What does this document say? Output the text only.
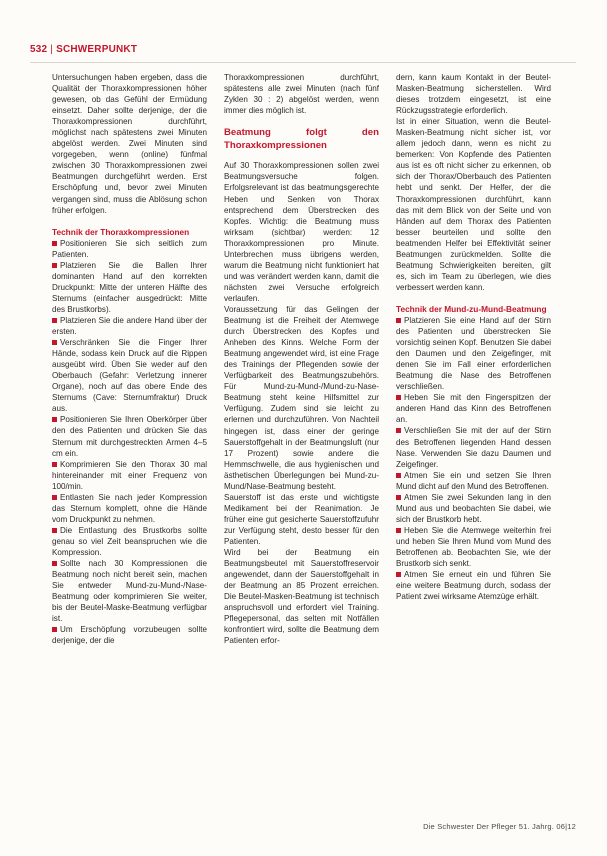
532 | SCHWERPUNKT

Untersuchungen haben ergeben, dass die Qualität der Thoraxkompressionen höher gewesen, ob das Gefühl der Ermüdung einsetzt. Daher sollte derjenige, der die Thoraxkompressionen durchführt, möglichst nach spätestens zwei Minuten abgelöst werden. Zwei Minuten sind vorgegeben, wenn (online) fünfmal zwischen 30 Thoraxkompressionen zwei Beatmungen durchgeführt werden. Erst Erschöpfung und, bevor zwei Minuten vergangen sind, muss die Ablösung schon früher erfolgen.

Technik der Thoraxkompressionen
Positionieren Sie sich seitlich zum Patienten.
Platzieren Sie die Ballen Ihrer dominanten Hand auf den korrekten Druckpunkt: Mitte der unteren Hälfte des Sternums (einfacher ausgedrückt: Mitte des Brustkorbs).
Platzieren Sie die andere Hand über der ersten.
Verschränken Sie die Finger Ihrer Hände, sodass kein Druck auf die Rippen ausgeübt wird. Üben Sie weder auf den Oberbauch (Gefahr: Verletzung innerer Organe), noch auf das obere Ende des Sternums (Cave: Sternumfraktur) Druck aus.
Positionieren Sie Ihren Oberkörper über den des Patienten und drücken Sie das Sternum mit durchgestreckten Armen 4–5 cm ein.
Komprimieren Sie den Thorax 30 mal hintereinander mit einer Frequenz von 100/min.
Entlasten Sie nach jeder Kompression das Sternum komplett, ohne die Hände vom Druckpunkt zu nehmen.
Die Entlastung des Brustkorbs sollte genau so viel Zeit beanspruchen wie die Kompression.
Sollte nach 30 Kompressionen die Beatmung noch nicht bereit sein, machen Sie entweder Mund-zu-Mund-/Nase-Beatmung oder komprimieren Sie weiter, bis der Beutel-Maske-Beatmung verfügbar ist.
Um Erschöpfung vorzubeugen sollte derjenige, der die

Thoraxkompressionen durchführt, spätestens alle zwei Minuten (nach fünf Zyklen 30 : 2) abgelöst werden, wenn immer dies möglich ist.

Beatmung folgt den Thoraxkompressionen

Auf 30 Thoraxkompressionen sollen zwei Beatmungsversuche folgen. Erfolgsrelevant ist das beatmungsgerechte Heben und Senken von Thorax entsprechend dem Überstrecken des Kopfes. Wichtig: die Beatmung muss wirksam (sichtbar) werden: 12 Thoraxkompressionen pro Minute. Unterbrechen muss übrigens werden, warum die Beatmung nicht funktioniert hat und was verändert werden kann, damit die nächsten zwei Versuche erfolgreich verlaufen.

Voraussetzung für das Gelingen der Beatmung ist die Freiheit der Atemwege durch Überstrecken des Kopfes und Anheben des Kinns. Welche Form der Beatmung angewendet wird, ist eine Frage des Trainings der Pflegenden sowie der Verfügbarkeit des Beatmungszubehörs. Für Mund-zu-Mund-/Mund-zu-Nase-Beatmung steht keine Hilfsmittel zur Verfügung. Zudem sind sie leicht zu erlernen und durchzuführen. Von Nachteil hingegen ist, dass einer der geringe Sauerstoffgehalt in der Beatmungsluft (nur 17 Prozent) sowie andere die Hemmschwelle, die aus hygienischen und ästhetischen Überlegungen bei Mund-zu-Mund/Nase-Beatmung besteht.

Sauerstoff ist das erste und wichtigste Medikament bei der Reanimation. Je früher eine gut gesicherte Sauerstoffzufuhr zur Verfügung steht, desto besser für den Patienten.

Wird bei der Beatmung ein Beatmungsbeutel mit Sauerstoffreservoir angewendet, dann der Sauerstoffgehalt in der Beatmung an 85 Prozent erreichen. Die Beutel-Masken-Beatmung ist technisch anspruchsvoll und erfordert viel Training. Pflegepersonal, das selten mit Notfällen konfrontiert wird, sollte die Beatmung dem Patienten erfor-

dern, kann kaum Kontakt in der Beutel-Masken-Beatmung sicherstellen. Wird dieses trotzdem eingesetzt, ist eine Rückzugsstrategie erforderlich.

Ist in einer Situation, wenn die Beutel-Masken-Beatmung nicht sicher ist, vor allem jedoch dann, wenn es nicht zu bemerken: Von Kopfende des Patienten aus ist es oft nicht sicher zu erkennen, ob sich der Thorax/Oberbauch des Patienten hebt und senkt. Der Helfer, der die Thoraxkompressionen durchführt, kann das mit dem Blick von der Seite und von Händen auf dem Thorax des Patienten besser beurteilen und sollte den beatmenden Helfer bei Effektivität seiner Beatmungen zurückmelden. Sollte die Beatmung Schwierigkeiten bereiten, gilt es, sich im Team zu überlegen, wie dies verbessert werden kann.

Technik der Mund-zu-Mund-Beatmung
Platzieren Sie eine Hand auf der Stirn des Patienten und überstrecken Sie vorsichtig seinen Kopf. Benutzen Sie dabei den Daumen und den Zeigefinger, mit denen Sie im Fall einer erforderlichen Beatmung die Nase des Betroffenen verschließen.
Heben Sie mit den Fingerspitzen der anderen Hand das Kinn des Betroffenen an.
Verschließen Sie mit der auf der Stirn des Betroffenen liegenden Hand dessen Nase. Verwenden Sie dazu Daumen und Zeigefinger.
Atmen Sie ein und setzen Sie Ihren Mund dicht auf den Mund des Betroffenen.
Atmen Sie zwei Sekunden lang in den Mund aus und beobachten Sie dabei, wie sich der Brustkorb hebt.
Heben Sie die Atemwege weiterhin frei und heben Sie Ihren Mund vom Mund des Betroffenen ab. Beobachten Sie, wie der Brustkorb sich senkt.
Atmen Sie erneut ein und führen Sie eine weitere Beatmung durch, sodass der Patient zwei wirksame Atemzüge erhält.
Die Schwester Der Pfleger 51. Jahrg. 06|12
